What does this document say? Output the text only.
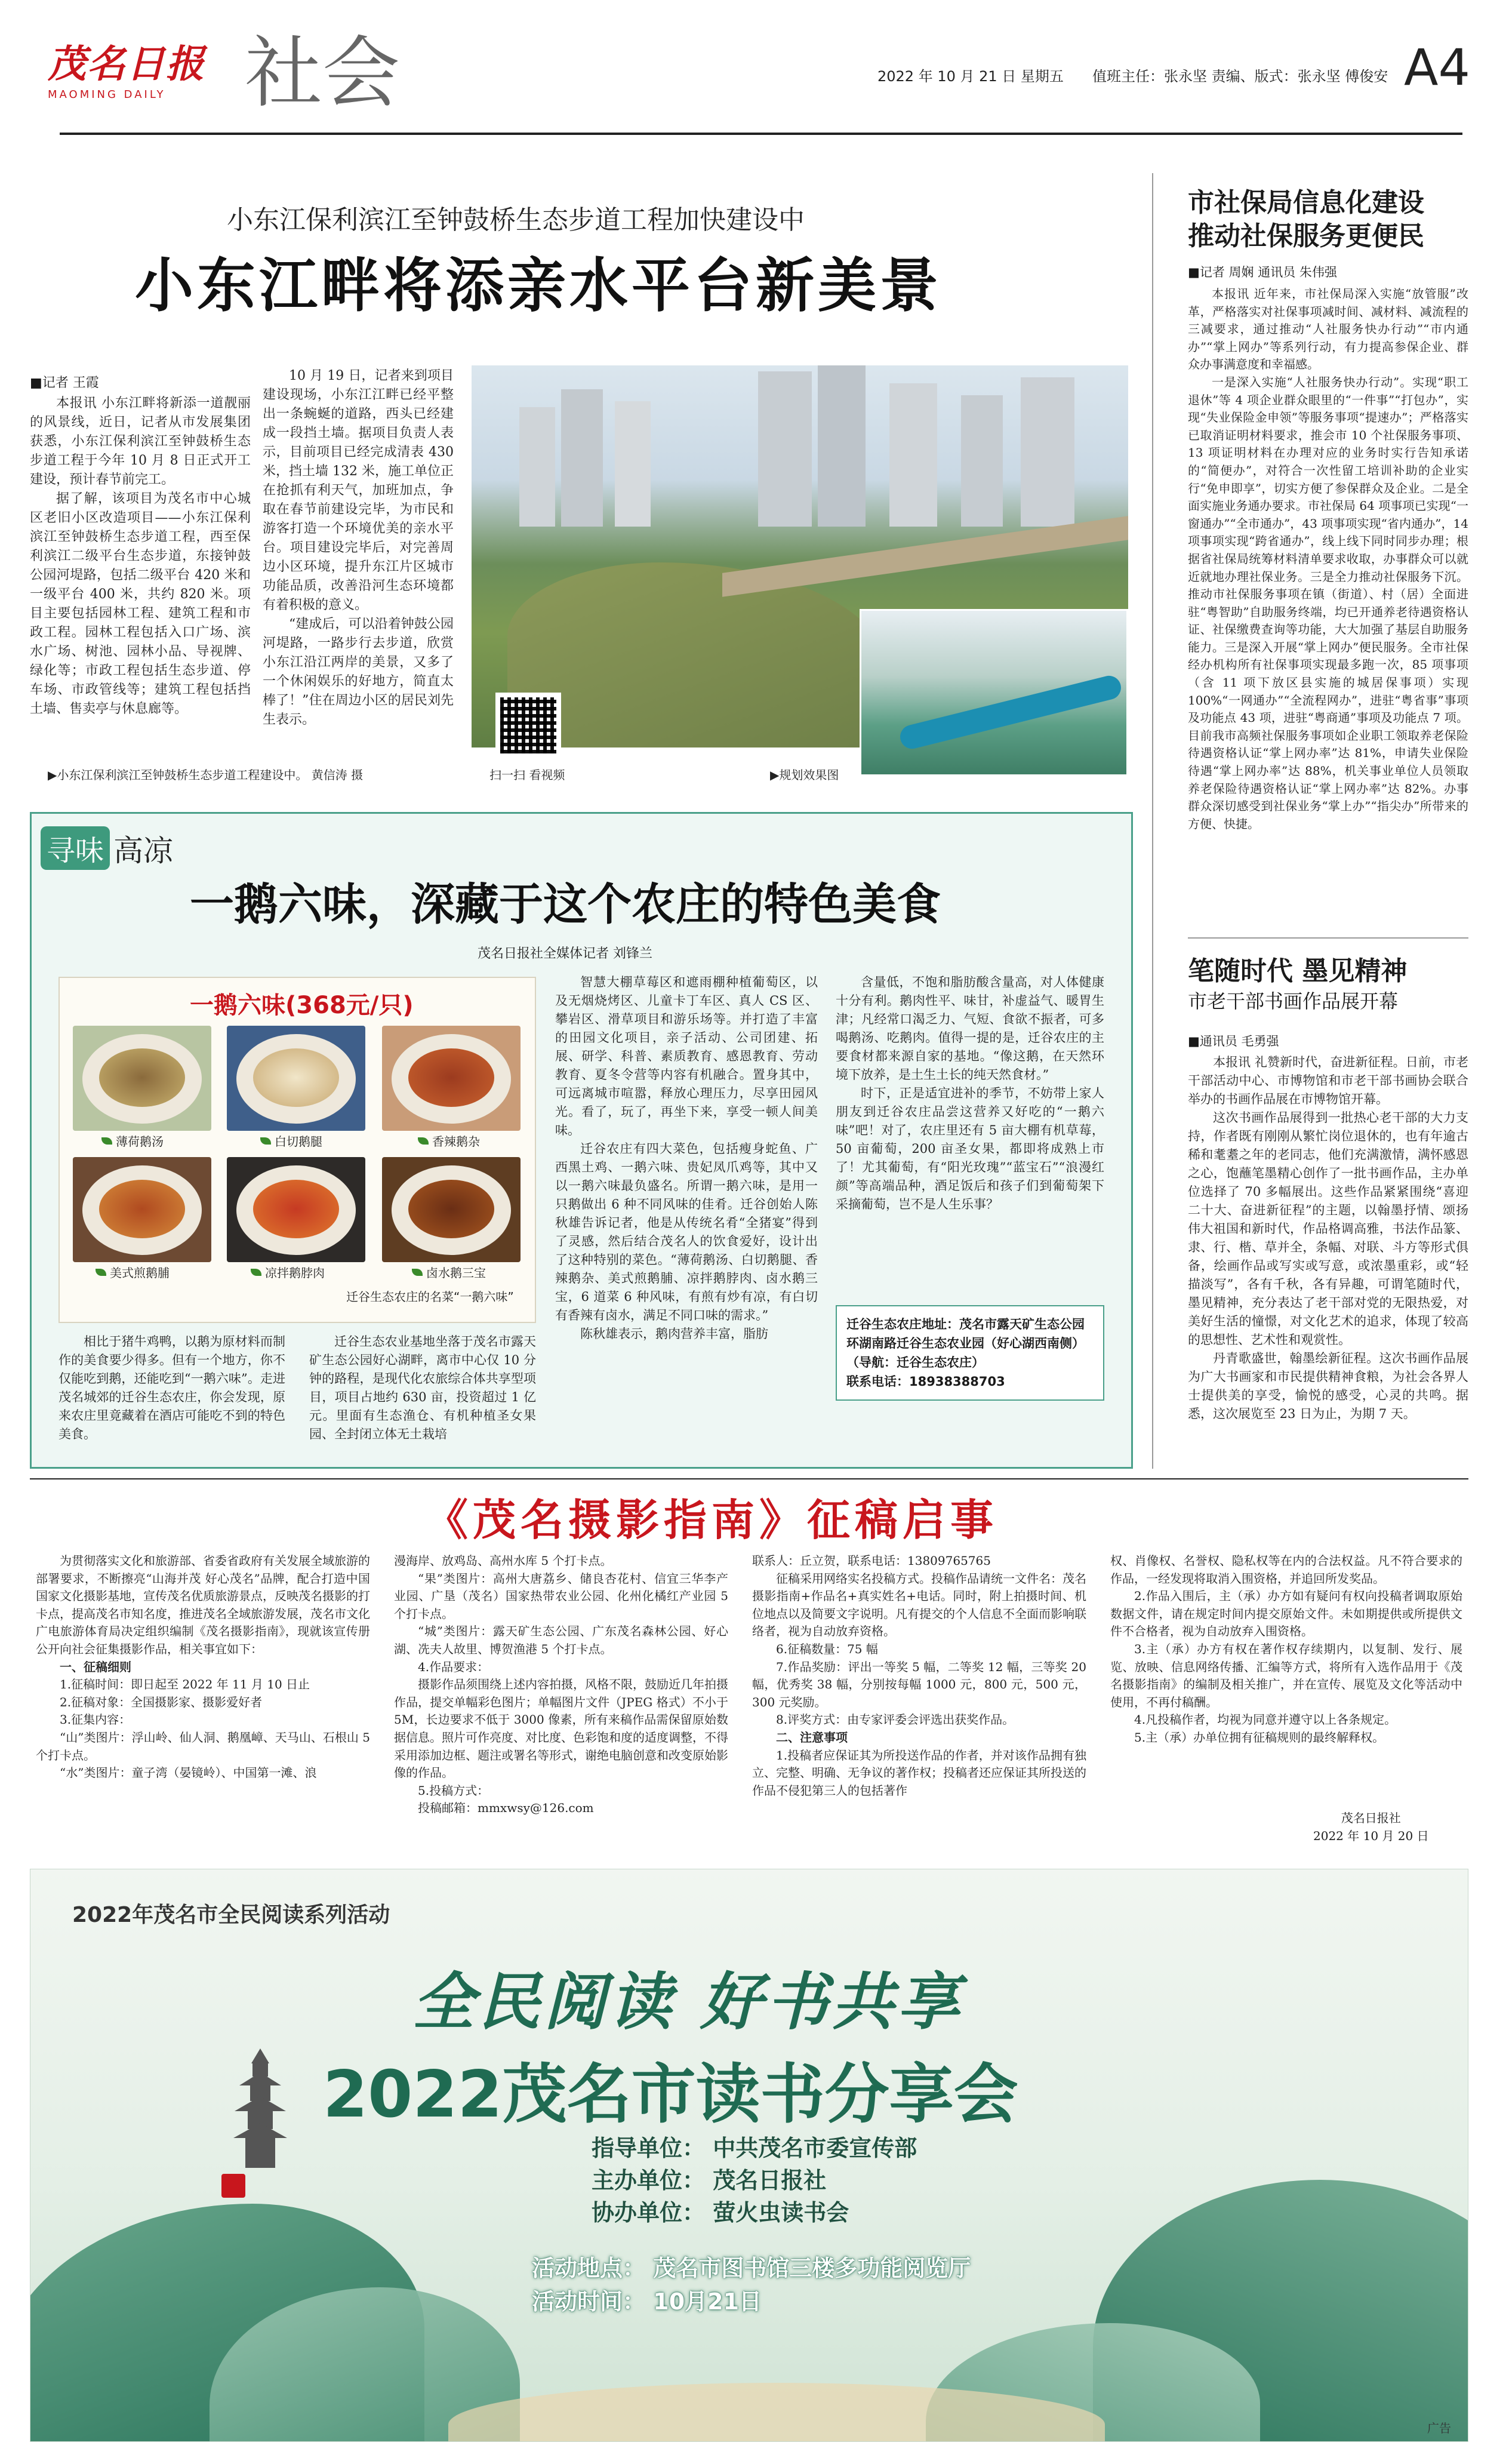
茂名日报
MAOMING DAILY	社会	2022 年 10 月 21 日 星期五 值班主任：张永坚 责编、版式：张永坚 傅俊安 A4
小东江保利滨江至钟鼓桥生态步道工程加快建设中
小东江畔将添亲水平台新美景
■记者 王霞

本报讯 小东江畔将新添一道靓丽的风景线，近日，记者从市发展集团获悉，小东江保利滨江至钟鼓桥生态步道工程于今年 10 月 8 日正式开工建设，预计春节前完工。

据了解，该项目为茂名市中心城区老旧小区改造项目——小东江保利滨江至钟鼓桥生态步道工程，西至保利滨江二级平台生态步道，东接钟鼓公园河堤路，包括二级平台 420 米和一级平台 400 米，共约 820 米。项目主要包括园林工程、建筑工程和市政工程。园林工程包括入口广场、滨水广场、树池、园林小品、导视牌、绿化等；市政工程包括生态步道、停车场、市政管线等；建筑工程包括挡土墙、售卖亭与休息廊等。

10 月 19 日，记者来到项目建设现场，小东江江畔已经平整出一条蜿蜒的道路，西头已经建成一段挡土墙。据项目负责人表示，目前项目已经完成清表 430 米，挡土墙 132 米，施工单位正在抢抓有利天气，加班加点，争取在春节前建设完毕，为市民和游客打造一个环境优美的亲水平台。项目建设完毕后，对完善周边小区环境，提升东江片区城市功能品质，改善沿河生态环境都有着积极的意义。

“建成后，可以沿着钟鼓公园河堤路，一路步行去步道，欣赏小东江沿江两岸的美景，又多了一个休闲娱乐的好地方，简直太棒了！”住在周边小区的居民刘先生表示。

扫一扫 看视频	▶规划效果图
▶小东江保利滨江至钟鼓桥生态步道工程建设中。 黄信涛 摄
寻味 高凉
一鹅六味，深藏于这个农庄的特色美食
茂名日报社全媒体记者 刘锋兰
一鹅六味(368元/只)
薄荷鹅汤	白切鹅腿	香辣鹅杂
美式煎鹅脯	凉拌鹅脖肉	卤水鹅三宝
迁谷生态农庄的名菜“一鹅六味”

相比于猪牛鸡鸭，以鹅为原材料而制作的美食要少得多。但有一个地方，你不仅能吃到鹅，还能吃到“一鹅六味”。走进茂名城郊的迁谷生态农庄，你会发现，原来农庄里竟藏着在酒店可能吃不到的特色美食。

迁谷生态农业基地坐落于茂名市露天矿生态公园好心湖畔，离市中心仅 10 分钟的路程，是现代化农旅综合体共享型项目，项目占地约 630 亩，投资超过 1 亿元。里面有生态渔仓、有机种植圣女果园、全封闭立体无土栽培

智慧大棚草莓区和遮雨棚种植葡萄区，以及无烟烧烤区、儿童卡丁车区、真人 CS 区、攀岩区、滑草项目和游乐场等。并打造了丰富的田园文化项目，亲子活动、公司团建、拓展、研学、科普、素质教育、感恩教育、劳动教育、夏冬令营等内容有机融合。置身其中，可远离城市喧嚣，释放心理压力，尽享田园风光。看了，玩了，再坐下来，享受一顿人间美味。

迁谷农庄有四大菜色，包括瘦身蛇鱼、广西黑土鸡、一鹅六味、贵妃凤爪鸡等，其中又以一鹅六味最负盛名。所谓一鹅六味，是用一只鹅做出 6 种不同风味的佳肴。迁谷创始人陈秋雄告诉记者，他是从传统名肴“全猪宴”得到了灵感，然后结合茂名人的饮食爱好，设计出了这种特别的菜色。“薄荷鹅汤、白切鹅腿、香辣鹅杂、美式煎鹅脯、凉拌鹅脖肉、卤水鹅三宝，6 道菜 6 种风味，有煎有炒有凉，有白切有香辣有卤水，满足不同口味的需求。”

陈秋雄表示，鹅肉营养丰富，脂肪

含量低，不饱和脂肪酸含量高，对人体健康十分有利。鹅肉性平、味甘，补虚益气、暖胃生津；凡经常口渴乏力、气短、食欲不振者，可多喝鹅汤、吃鹅肉。值得一提的是，迁谷农庄的主要食材都来源自家的基地。“像这鹅，在天然环境下放养，是土生土长的纯天然食材。”

时下，正是适宜进补的季节，不妨带上家人朋友到迁谷农庄品尝这营养又好吃的“一鹅六味”吧！对了，农庄里还有 5 亩大棚有机草莓，50 亩葡萄，200 亩圣女果，都即将成熟上市了！尤其葡萄，有“阳光玫瑰”“蓝宝石”“浪漫红颜”等高端品种，酒足饭后和孩子们到葡萄架下采摘葡萄，岂不是人生乐事？

迁谷生态农庄地址：茂名市露天矿生态公园环湖南路迁谷生态农业园（好心湖西南侧）（导航：迁谷生态农庄）
联系电话：18938388703
市社保局信息化建设
推动社保服务更便民
■记者 周娴 通讯员 朱伟强

本报讯 近年来，市社保局深入实施“放管服”改革，严格落实对社保事项减时间、减材料、减流程的三减要求，通过推动“人社服务快办行动”“市内通办”“掌上网办”等系列行动，有力提高参保企业、群众办事满意度和幸福感。

一是深入实施“人社服务快办行动”。实现“职工退休”等 4 项企业群众眼里的“一件事”“打包办”，实现“失业保险金申领”等服务事项“提速办”；严格落实已取消证明材料要求，推会市 10 个社保服务事项、13 项证明材料在办理对应的业务时实行告知承诺的“简便办”，对符合一次性留工培训补助的企业实行“免申即享”，切实方便了参保群众及企业。二是全面实施业务通办要求。市社保局 64 项事项已实现“一窗通办”“全市通办”，43 项事项实现“省内通办”，14 项事项实现“跨省通办”，线上线下同时同步办理；根据省社保局统筹材料清单要求收取，办事群众可以就近就地办理社保业务。三是全力推动社保服务下沉。推动市社保服务事项在镇（街道）、村（居）全面进驻“粤智助”自助服务终端，均已开通养老待遇资格认证、社保缴费查询等功能，大大加强了基层自助服务能力。三是深入开展“掌上网办”便民服务。全市社保经办机构所有社保事项实现最多跑一次，85 项事项（含 11 项下放区县实施的城居保事项）实现 100%“一网通办”“全流程网办”，进驻“粤省事”事项及功能点 43 项，进驻“粤商通”事项及功能点 7 项。目前我市高频社保服务事项如企业职工领取养老保险待遇资格认证“掌上网办率”达 81%，申请失业保险待遇“掌上网办率”达 88%，机关事业单位人员领取养老保险待遇资格认证“掌上网办率”达 82%。办事群众深切感受到社保业务“掌上办”“指尖办”所带来的方便、快捷。

笔随时代 墨见精神
市老干部书画作品展开幕
■通讯员 毛勇强

本报讯 礼赞新时代，奋进新征程。日前，市老干部活动中心、市博物馆和市老干部书画协会联合举办的书画作品展在市博物馆开幕。

这次书画作品展得到一批热心老干部的大力支持，作者既有刚刚从繁忙岗位退休的，也有年逾古稀和耄耋之年的老同志，他们充满激情，满怀感恩之心，饱蘸笔墨精心创作了一批书画作品，主办单位选择了 70 多幅展出。这些作品紧紧围绕“喜迎二十大、奋进新征程”的主题，以翰墨抒情、颂扬伟大祖国和新时代，作品格调高雅，书法作品篆、隶、行、楷、草并全，条幅、对联、斗方等形式俱备，绘画作品或写实或写意，或浓墨重彩，或“轻描淡写”，各有千秋，各有异趣，可谓笔随时代，墨见精神，充分表达了老干部对党的无限热爱，对美好生活的憧憬，对文化艺术的追求，体现了较高的思想性、艺术性和观赏性。

丹青歌盛世，翰墨绘新征程。这次书画作品展为广大书画家和市民提供精神食粮，为社会各界人士提供美的享受，愉悦的感受，心灵的共鸣。据悉，这次展览至 23 日为止，为期 7 天。

《茂名摄影指南》征稿启事

为贯彻落实文化和旅游部、省委省政府有关发展全域旅游的部署要求，不断擦亮“山海并茂 好心茂名”品牌，配合打造中国国家文化摄影基地，宣传茂名优质旅游景点，反映茂名摄影的打卡点，提高茂名市知名度，推进茂名全域旅游发展，茂名市文化广电旅游体育局决定组织编制《茂名摄影指南》，现就该宣传册公开向社会征集摄影作品，相关事宜如下：

一、征稿细则

1.征稿时间：即日起至 2022 年 11 月 10 日止

2.征稿对象：全国摄影家、摄影爱好者

3.征集内容：

“山”类图片：浮山岭、仙人洞、鹅凰嶂、天马山、石根山 5 个打卡点。

“水”类图片：童子湾（晏镜岭）、中国第一滩、浪

漫海岸、放鸡岛、高州水库 5 个打卡点。

“果”类图片：高州大唐荔乡、储良杏花村、信宜三华李产业园、广垦（茂名）国家热带农业公园、化州化橘红产业园 5 个打卡点。

“城”类图片：露天矿生态公园、广东茂名森林公园、好心湖、冼夫人故里、博贺渔港 5 个打卡点。

4.作品要求：

摄影作品须围绕上述内容拍摄，风格不限，鼓励近几年拍摄作品，提交单幅彩色图片；单幅图片文件（JPEG 格式）不小于 5M，长边要求不低于 3000 像素，所有来稿作品需保留原始数据信息。照片可作亮度、对比度、色彩饱和度的适度调整，不得采用添加边框、题注或署名等形式，谢绝电脑创意和改变原始影像的作品。

5.投稿方式：

投稿邮箱：mmxwsy@126.com

联系人：丘立贺，联系电话：13809765765

征稿采用网络实名投稿方式。投稿作品请统一文件名：茂名摄影指南+作品名+真实姓名+电话。同时，附上拍摄时间、机位地点以及简要文字说明。凡有提交的个人信息不全面而影响联络者，视为自动放弃资格。

6.征稿数量：75 幅

7.作品奖励：评出一等奖 5 幅，二等奖 12 幅，三等奖 20 幅，优秀奖 38 幅，分别按每幅 1000 元，800 元，500 元，300 元奖励。

8.评奖方式：由专家评委会评选出获奖作品。

二、注意事项

1.投稿者应保证其为所投送作品的作者，并对该作品拥有独立、完整、明确、无争议的著作权；投稿者还应保证其所投送的作品不侵犯第三人的包括著作

权、肖像权、名誉权、隐私权等在内的合法权益。凡不符合要求的作品，一经发现将取消入围资格，并追回所发奖品。

2.作品入围后，主（承）办方如有疑问有权向投稿者调取原始数据文件，请在规定时间内提交原始文件。未如期提供或所提供文件不合格者，视为自动放弃入围资格。

3.主（承）办方有权在著作权存续期内，以复制、发行、展览、放映、信息网络传播、汇编等方式，将所有入选作品用于《茂名摄影指南》的编制及相关推广，并在宣传、展览及文化等活动中使用，不再付稿酬。

4.凡投稿作者，均视为同意并遵守以上各条规定。

5.主（承）办单位拥有征稿规则的最终解释权。

茂名日报社
2022 年 10 月 20 日
2022年茂名市全民阅读系列活动
全民阅读 好书共享
2022茂名市读书分享会
指导单位： 中共茂名市委宣传部
主办单位： 茂名日报社
协办单位： 萤火虫读书会
活动地点： 茂名市图书馆三楼多功能阅览厅
活动时间： 10月21日
广告
